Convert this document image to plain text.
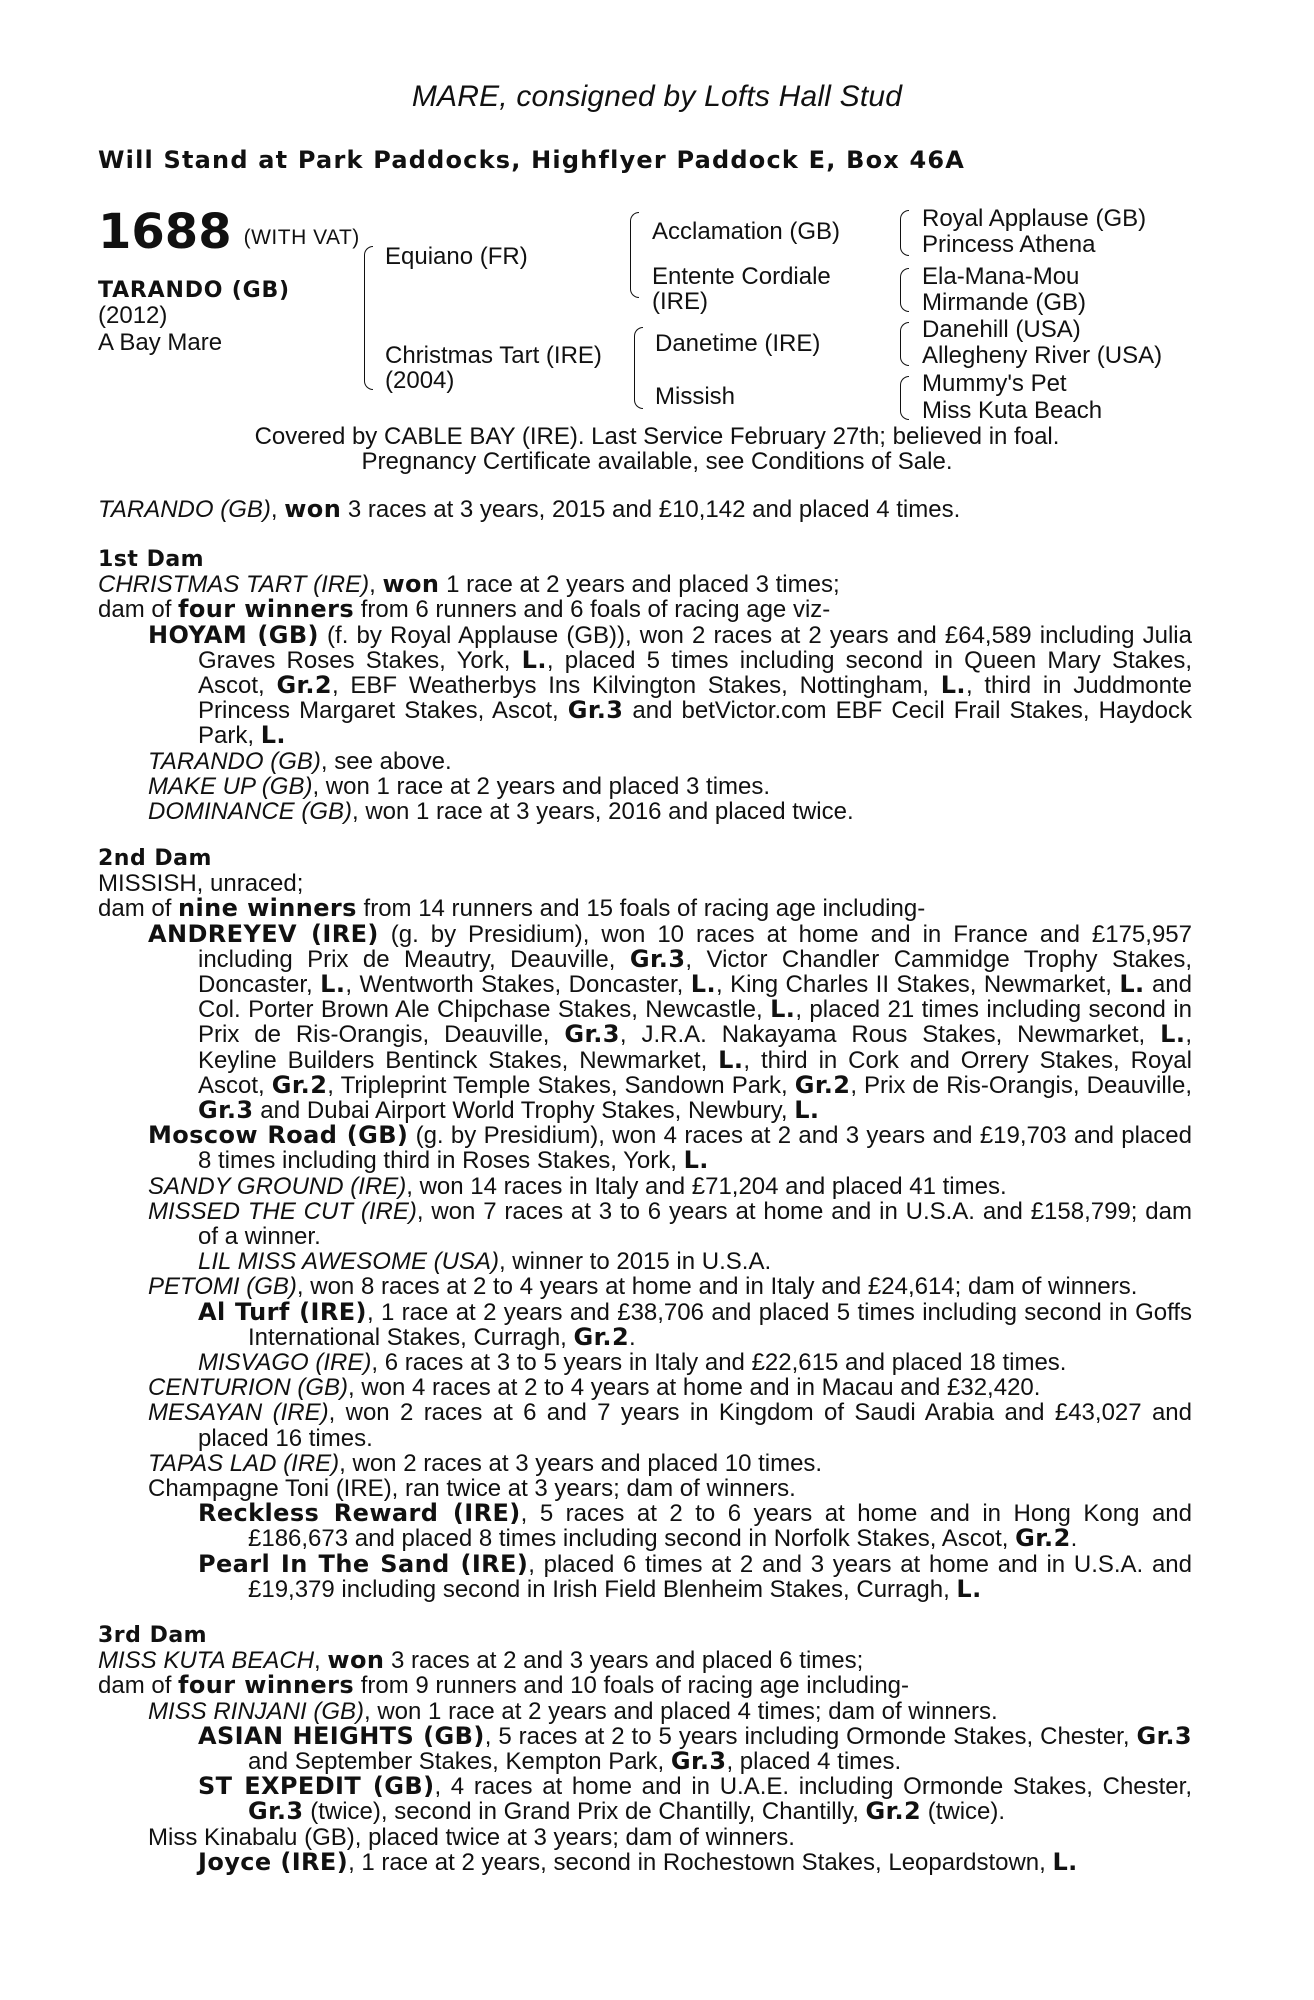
MARE, consigned by Lofts Hall Stud
Will Stand at Park Paddocks, Highflyer Paddock E, Box 46A
1688 (WITH VAT)
TARANDO (GB)
(2012)
A Bay Mare
Equiano (FR)
Christmas Tart (IRE)
(2004)
Acclamation (GB)
Entente Cordiale
(IRE)
Danetime (IRE)
Missish
Royal Applause (GB)
Princess Athena
Ela-Mana-Mou
Mirmande (GB)
Danehill (USA)
Allegheny River (USA)
Mummy's Pet
Miss Kuta Beach
Covered by CABLE BAY (IRE). Last Service February 27th; believed in foal.
Pregnancy Certificate available, see Conditions of Sale.

TARANDO (GB), won 3 races at 3 years, 2015 and £10,142 and placed 4 times.

1st Dam

CHRISTMAS TART (IRE), won 1 race at 2 years and placed 3 times;

dam of four winners from 6 runners and 6 foals of racing age viz-

HOYAM (GB) (f. by Royal Applause (GB)), won 2 races at 2 years and £64,589 including Julia Graves Roses Stakes, York, L., placed 5 times including second in Queen Mary Stakes, Ascot, Gr.2, EBF Weatherbys Ins Kilvington Stakes, Nottingham, L., third in Juddmonte Princess Margaret Stakes, Ascot, Gr.3 and betVictor.com EBF Cecil Frail Stakes, Haydock Park, L.

TARANDO (GB), see above.

MAKE UP (GB), won 1 race at 2 years and placed 3 times.

DOMINANCE (GB), won 1 race at 3 years, 2016 and placed twice.

2nd Dam

MISSISH, unraced;

dam of nine winners from 14 runners and 15 foals of racing age including-

ANDREYEV (IRE) (g. by Presidium), won 10 races at home and in France and £175,957 including Prix de Meautry, Deauville, Gr.3, Victor Chandler Cammidge Trophy Stakes, Doncaster, L., Wentworth Stakes, Doncaster, L., King Charles II Stakes, Newmarket, L. and Col. Porter Brown Ale Chipchase Stakes, Newcastle, L., placed 21 times including second in Prix de Ris-Orangis, Deauville, Gr.3, J.R.A. Nakayama Rous Stakes, Newmarket, L., Keyline Builders Bentinck Stakes, Newmarket, L., third in Cork and Orrery Stakes, Royal Ascot, Gr.2, Tripleprint Temple Stakes, Sandown Park, Gr.2, Prix de Ris-Orangis, Deauville, Gr.3 and Dubai Airport World Trophy Stakes, Newbury, L.

Moscow Road (GB) (g. by Presidium), won 4 races at 2 and 3 years and £19,703 and placed 8 times including third in Roses Stakes, York, L.

SANDY GROUND (IRE), won 14 races in Italy and £71,204 and placed 41 times.

MISSED THE CUT (IRE), won 7 races at 3 to 6 years at home and in U.S.A. and £158,799; dam of a winner.

LIL MISS AWESOME (USA), winner to 2015 in U.S.A.

PETOMI (GB), won 8 races at 2 to 4 years at home and in Italy and £24,614; dam of winners.

Al Turf (IRE), 1 race at 2 years and £38,706 and placed 5 times including second in Goffs International Stakes, Curragh, Gr.2.

MISVAGO (IRE), 6 races at 3 to 5 years in Italy and £22,615 and placed 18 times.

CENTURION (GB), won 4 races at 2 to 4 years at home and in Macau and £32,420.

MESAYAN (IRE), won 2 races at 6 and 7 years in Kingdom of Saudi Arabia and £43,027 and placed 16 times.

TAPAS LAD (IRE), won 2 races at 3 years and placed 10 times.

Champagne Toni (IRE), ran twice at 3 years; dam of winners.

Reckless Reward (IRE), 5 races at 2 to 6 years at home and in Hong Kong and £186,673 and placed 8 times including second in Norfolk Stakes, Ascot, Gr.2.

Pearl In The Sand (IRE), placed 6 times at 2 and 3 years at home and in U.S.A. and £19,379 including second in Irish Field Blenheim Stakes, Curragh, L.

3rd Dam

MISS KUTA BEACH, won 3 races at 2 and 3 years and placed 6 times;

dam of four winners from 9 runners and 10 foals of racing age including-

MISS RINJANI (GB), won 1 race at 2 years and placed 4 times; dam of winners.

ASIAN HEIGHTS (GB), 5 races at 2 to 5 years including Ormonde Stakes, Chester, Gr.3 and September Stakes, Kempton Park, Gr.3, placed 4 times.

ST EXPEDIT (GB), 4 races at home and in U.A.E. including Ormonde Stakes, Chester, Gr.3 (twice), second in Grand Prix de Chantilly, Chantilly, Gr.2 (twice).

Miss Kinabalu (GB), placed twice at 3 years; dam of winners.

Joyce (IRE), 1 race at 2 years, second in Rochestown Stakes, Leopardstown, L.
